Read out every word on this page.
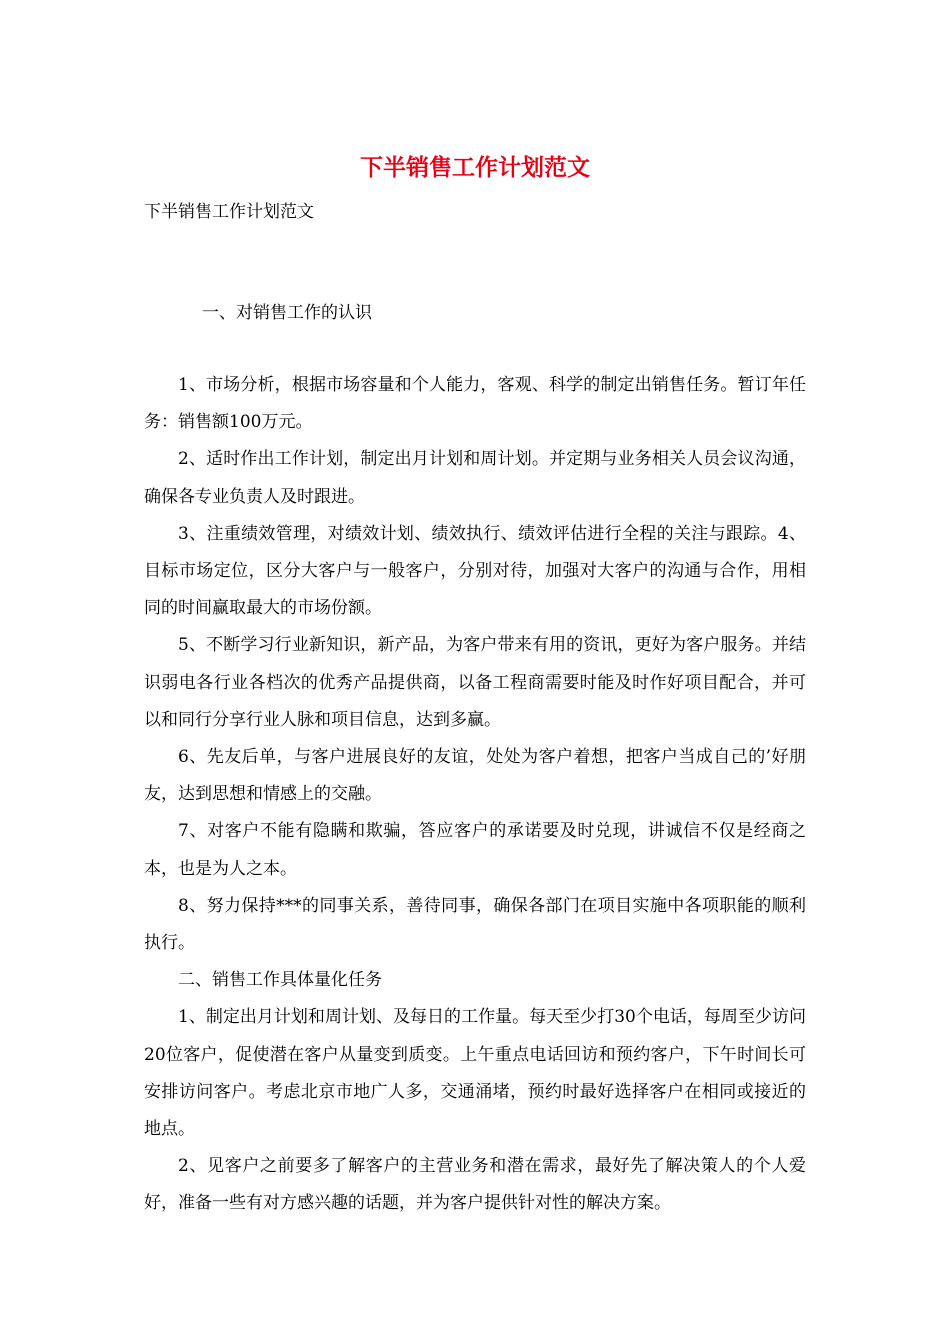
下半销售工作计划范文
下半销售工作计划范文
一、对销售工作的认识

1、市场分析，根据市场容量和个人能力，客观、科学的制定出销售任务。暂订年任务：销售额100万元。

2、适时作出工作计划，制定出月计划和周计划。并定期与业务相关人员会议沟通，确保各专业负责人及时跟进。

3、注重绩效管理，对绩效计划、绩效执行、绩效评估进行全程的关注与跟踪。4、目标市场定位，区分大客户与一般客户，分别对待，加强对大客户的沟通与合作，用相同的时间赢取最大的市场份额。

5、不断学习行业新知识，新产品，为客户带来有用的资讯，更好为客户服务。并结识弱电各行业各档次的优秀产品提供商，以备工程商需要时能及时作好项目配合，并可以和同行分享行业人脉和项目信息，达到多赢。

6、先友后单，与客户进展良好的友谊，处处为客户着想，把客户当成自己的’好朋友，达到思想和情感上的交融。

7、对客户不能有隐瞒和欺骗，答应客户的承诺要及时兑现，讲诚信不仅是经商之本，也是为人之本。

8、努力保持***的同事关系，善待同事，确保各部门在项目实施中各项职能的顺利执行。

二、销售工作具体量化任务

1、制定出月计划和周计划、及每日的工作量。每天至少打30个电话，每周至少访问20位客户，促使潜在客户从量变到质变。上午重点电话回访和预约客户，下午时间长可安排访问客户。考虑北京市地广人多，交通涌堵，预约时最好选择客户在相同或接近的地点。

2、见客户之前要多了解客户的主营业务和潜在需求，最好先了解决策人的个人爱好，准备一些有对方感兴趣的话题，并为客户提供针对性的解决方案。
